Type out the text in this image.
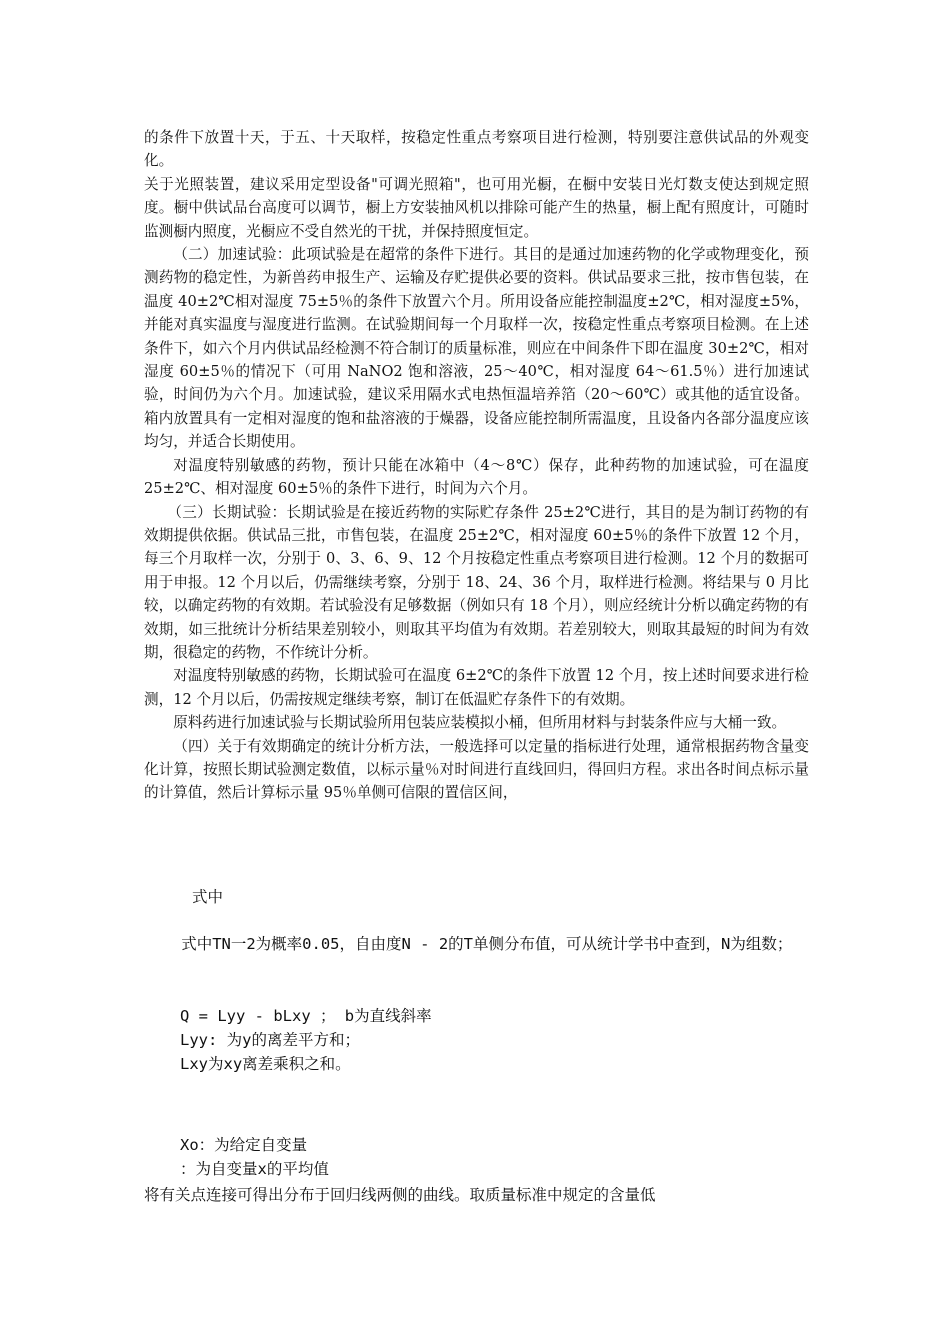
的条件下放置十天，于五、十天取样，按稳定性重点考察项目进行检测，特别要注意供试品的外观变化。

关于光照装置，建议采用定型设备"可调光照箱"，也可用光橱，在橱中安装日光灯数支使达到规定照度。橱中供试品台高度可以调节，橱上方安装抽风机以排除可能产生的热量，橱上配有照度计，可随时监测橱内照度，光橱应不受自然光的干扰，并保持照度恒定。

（二）加速试验：此项试验是在超常的条件下进行。其目的是通过加速药物的化学或物理变化，预测药物的稳定性，为新兽药申报生产、运输及存贮提供必要的资料。供试品要求三批，按市售包装，在温度 40±2℃相对湿度 75±5％的条件下放置六个月。所用设备应能控制温度±2℃，相对湿度±5%，并能对真实温度与湿度进行监测。在试验期间每一个月取样一次，按稳定性重点考察项目检测。在上述条件下，如六个月内供试品经检测不符合制订的质量标准，则应在中间条件下即在温度 30±2℃，相对湿度 60±5％的情况下（可用 NaNO2 饱和溶液，25～40℃，相对湿度 64～61.5％）进行加速试验，时间仍为六个月。加速试验，建议采用隔水式电热恒温培养箔（20～60℃）或其他的适宜设备。箱内放置具有一定相对湿度的饱和盐溶液的于燥器，设备应能控制所需温度，且设备内各部分温度应该均匀，并适合长期使用。

对温度特别敏感的药物，预计只能在冰箱中（4～8℃）保存，此种药物的加速试验，可在温度 25±2℃、相对湿度 60±5％的条件下进行，时间为六个月。

（三）长期试验：长期试验是在接近药物的实际贮存条件 25±2℃进行，其目的是为制订药物的有效期提供依据。供试品三批，市售包装，在温度 25±2℃，相对湿度 60±5％的条件下放置 12 个月，每三个月取样一次，分别于 0、3、6、9、12 个月按稳定性重点考察项目进行检测。12 个月的数据可用于申报。12 个月以后，仍需继续考察，分别于 18、24、36 个月，取样进行检测。将结果与 0 月比较，以确定药物的有效期。若试验没有足够数据（例如只有 18 个月），则应经统计分析以确定药物的有效期，如三批统计分析结果差别较小，则取其平均值为有效期。若差别较大，则取其最短的时间为有效期，很稳定的药物，不作统计分析。

对温度特别敏感的药物，长期试验可在温度 6±2℃的条件下放置 12 个月，按上述时间要求进行检测，12 个月以后，仍需按规定继续考察，制订在低温贮存条件下的有效期。

原料药进行加速试验与长期试验所用包装应装模拟小桶，但所用材料与封装条件应与大桶一致。

（四）关于有效期确定的统计分析方法，一般选择可以定量的指标进行处理，通常根据药物含量变化计算，按照长期试验测定数值，以标示量％对时间进行直线回归，得回归方程。求出各时间点标示量的计算值，然后计算标示量 95％单侧可信限的置信区间，

式中

式中TN一2为概率0.05，自由度N - 2的T单侧分布值，可从统计学书中查到，N为组数；

Q = Lyy - bLxy ； b为直线斜率

Lyy: 为y的离差平方和；

Lxy为xy离差乘积之和。

Xo：为给定自变量

：为自变量x的平均值

将有关点连接可得出分布于回归线两侧的曲线。取质量标准中规定的含量低
